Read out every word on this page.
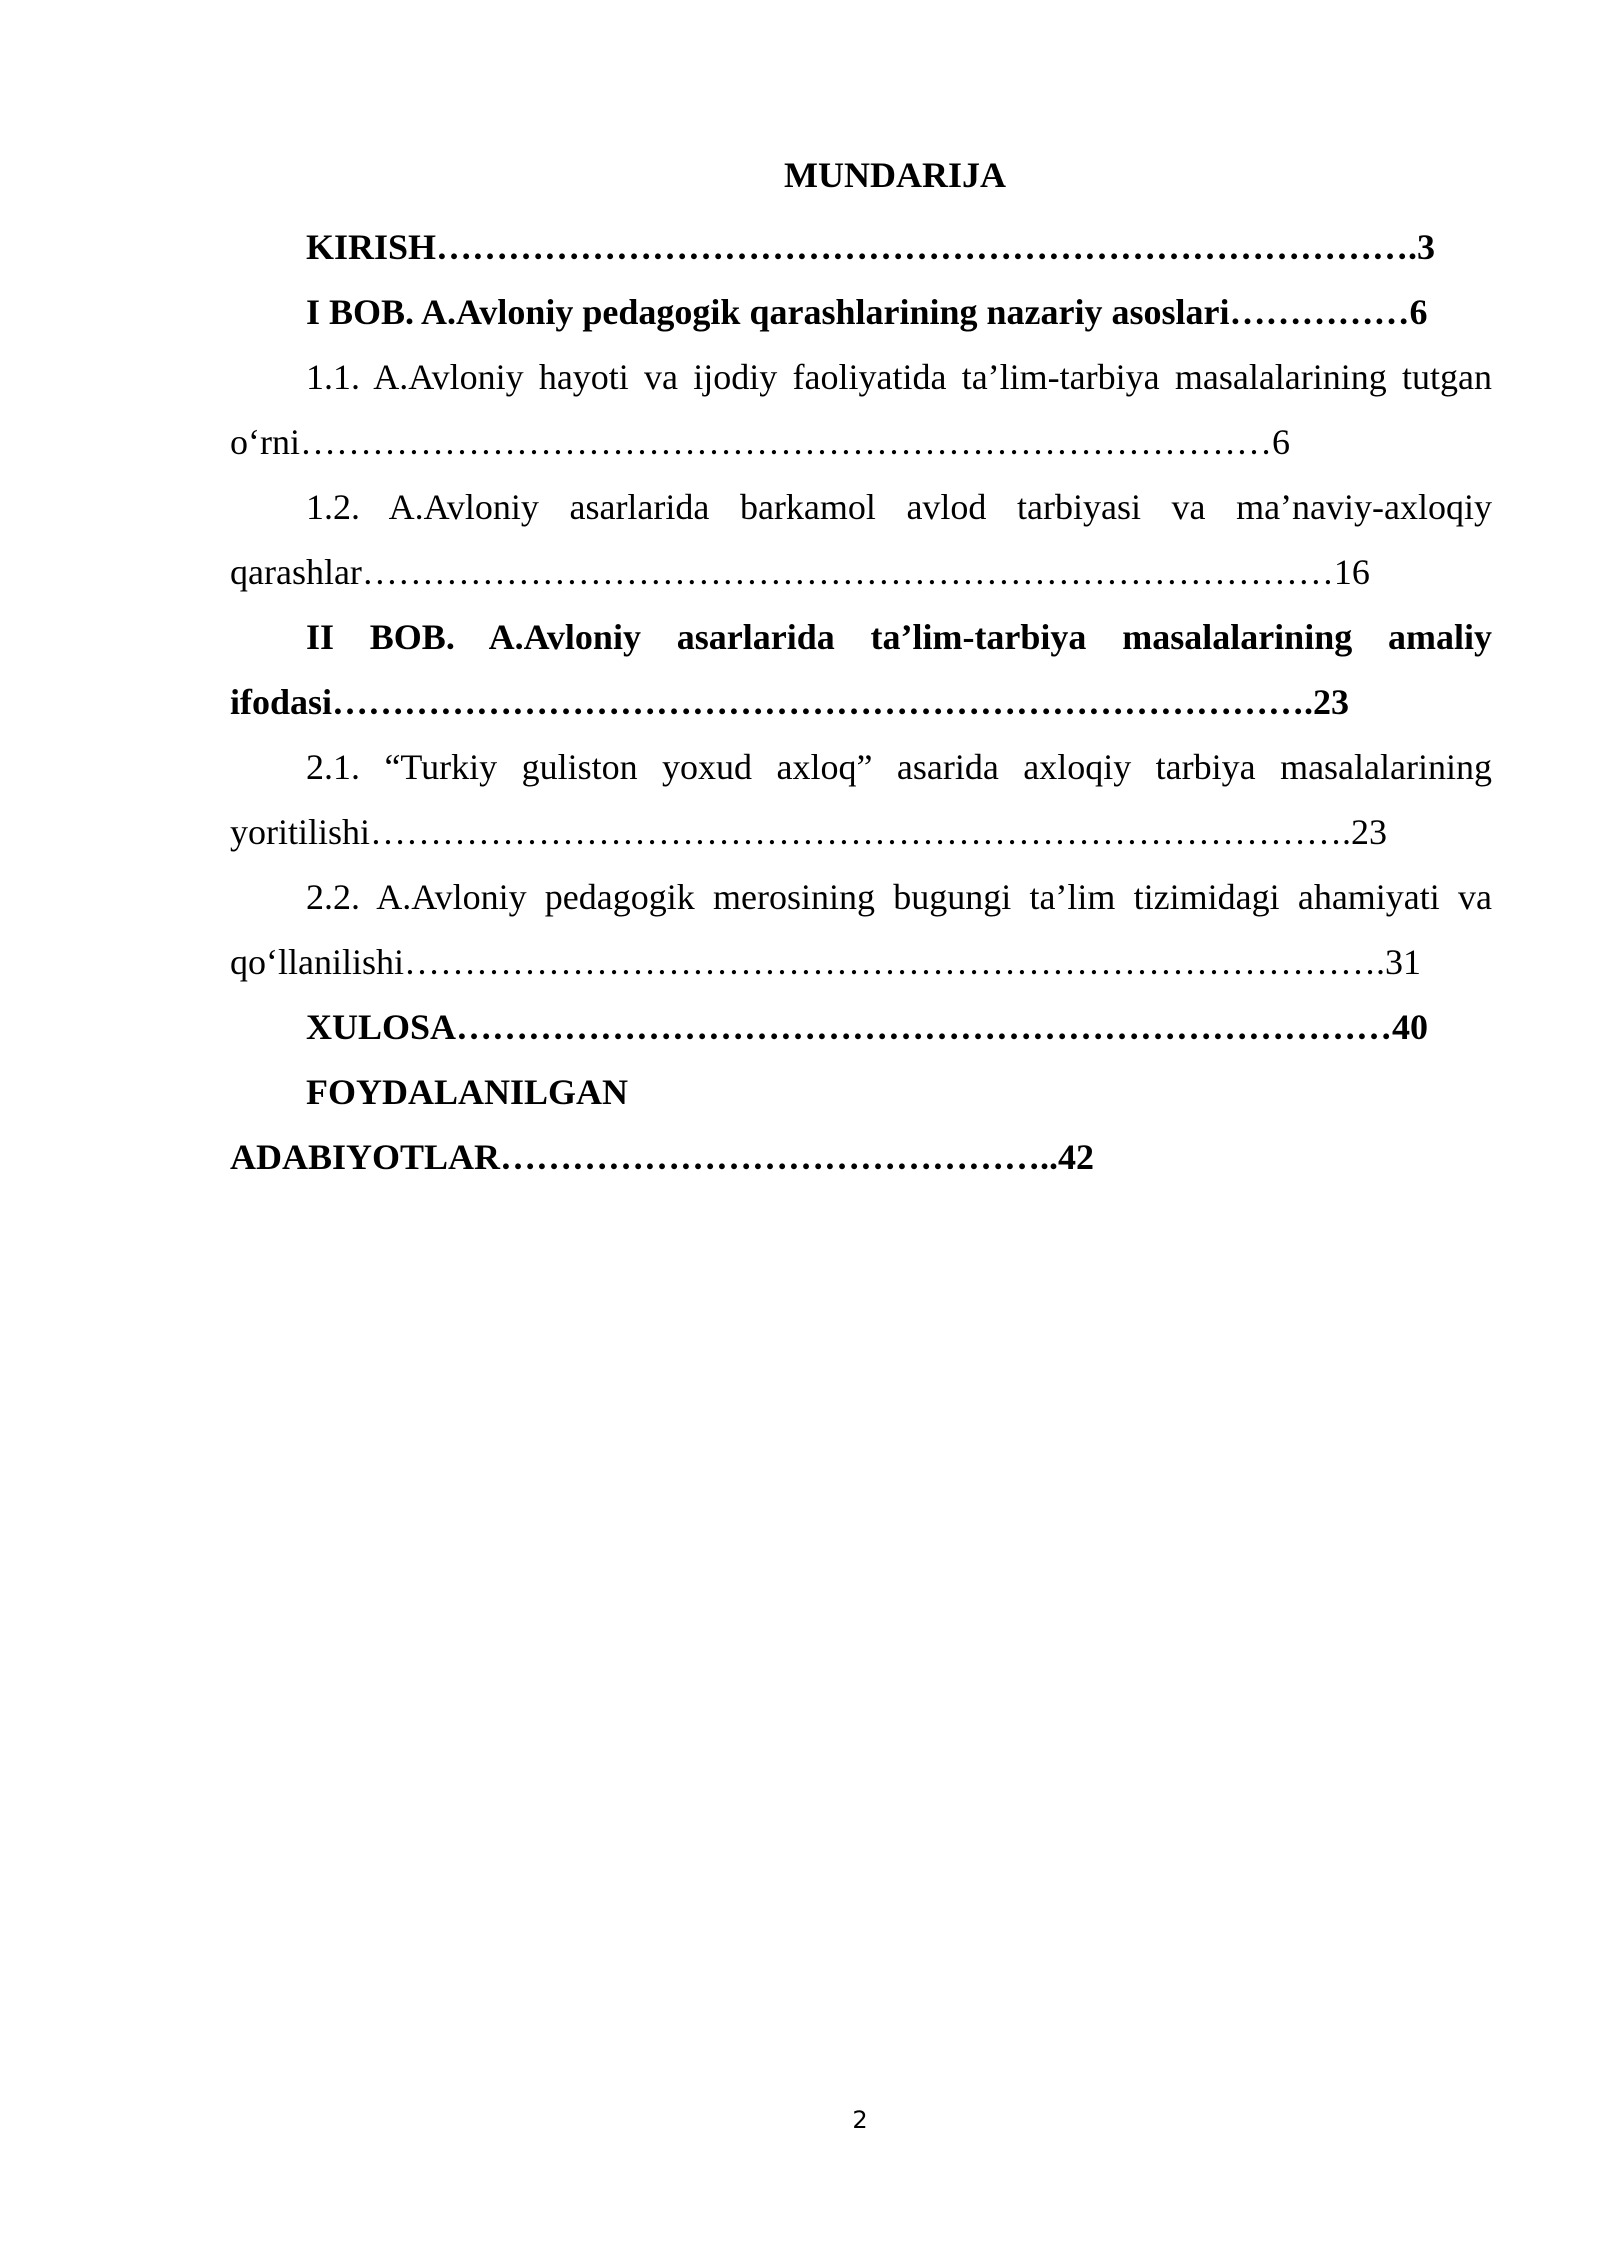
MUNDARIJA

KIRISH……………………………………………………………………….3

I BOB. A.Avloniy pedagogik qarashlarining nazariy asoslari……………6

1.1. A.Avloniy hayoti va ijodiy faoliyatida ta’lim-tarbiya masalalarining tutgan o‘rni………………………………………………………………………6

1.2. A.Avloniy asarlarida barkamol avlod tarbiyasi va ma’naviy-axloqiy qarashlar………………………………………………………………………16

II BOB. A.Avloniy asarlarida ta’lim-tarbiya masalalarining amaliy ifodasi……………………………………………………………………….23

2.1. “Turkiy guliston yoxud axloq” asarida axloqiy tarbiya masalalarining yoritilishi……………………………………………………………………….23

2.2. A.Avloniy pedagogik merosining bugungi ta’lim tizimidagi ahamiyati va qo‘llanilishi……………………………………………………………………….31

XULOSA……………………………………………………………………40

FOYDALANILGAN ADABIYOTLAR………………………………………..42

2
